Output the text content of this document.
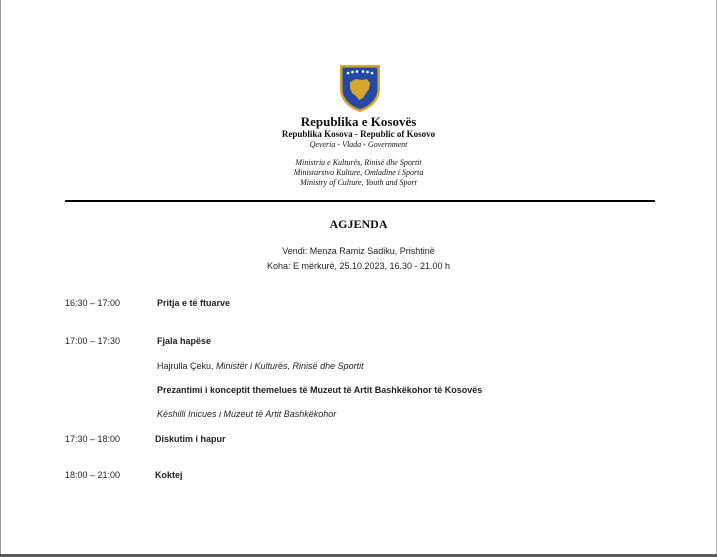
Republika e Kosovës
Republika Kosova - Republic of Kosovo
Qeveria - Vlada - Government
Ministria e Kulturës, Rinisë dhe Sportit
Ministarstvo Kulture, Omladine i Sporta
Ministry of Culture, Youth and Sport
AGJENDA
Vendi: Menza Ramiz Sadiku, Prishtinë
Koha: E mërkurë, 25.10.2023, 16.30 - 21.00 h
16:30 – 17:00	Pritja e të ftuarve
17:00 – 17:30	Fjala hapëse
Hajrulla Çeku, Ministër i Kulturës, Rinisë dhe Sportit
Prezantimi i konceptit themelues të Muzeut të Artit Bashkëkohor të Kosovës
Këshilli Inicues i Muzeut të Artit Bashkëkohor
17:30 – 18:00	Diskutim i hapur
18:00 – 21:00	Koktej
